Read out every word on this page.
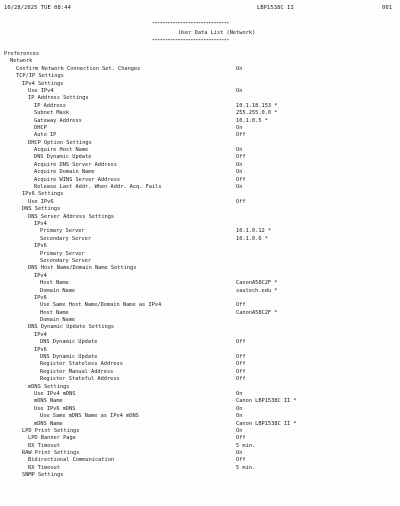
10/28/2025 TUE 08:44	LBP1538C II	001
******************************
User Data List (Network)
******************************
Preferences
Network
Confirm Network Connection Set. Changes	On
TCP/IP Settings
IPv4 Settings
Use IPv4	On
IP Address Settings
IP Address	10.1.18.153 *
Subnet Mask	255.255.0.0 *
Gateway Address	10.1.0.5 *
DHCP	On
Auto IP	Off
DHCP Option Settings
Acquire Host Name	On
DNS Dynamic Update	Off
Acquire DNS Server Address	On
Acquire Domain Name	On
Acquire WINS Server Address	Off
Release Last Addr. When Addr. Acq. Fails	On
IPv6 Settings
Use IPv6	Off
DNS Settings
DNS Server Address Settings
IPv4
Primary Server	10.1.0.12 *
Secondary Server	10.1.0.6 *
IPv6
Primary Server
Secondary Server
DNS Host Name/Domain Name Settings
IPv4
Host Name	CanonA58C2F *
Domain Name	sautech.edu *
IPv6
Use Same Host Name/Domain Name as IPv4	Off
Host Name	CanonA58C2F *
Domain Name
DNS Dynamic Update Settings
IPv4
DNS Dynamic Update	Off
IPv6
DNS Dynamic Update	Off
Register Stateless Address	Off
Register Manual Address	Off
Register Stateful Address	Off
mDNS Settings
Use IPv4 mDNS	On
mDNS Name	Canon LBP1538C II *
Use IPv6 mDNS	On
Use Same mDNS Name as IPv4 mDNS	On
mDNS Name	Canon LBP1538C II *
LPD Print Settings	On
LPD Banner Page	Off
RX Timeout	5 min.
RAW Print Settings	On
Bidirectional Communication	Off
RX Timeout	5 min.
SNMP Settings
